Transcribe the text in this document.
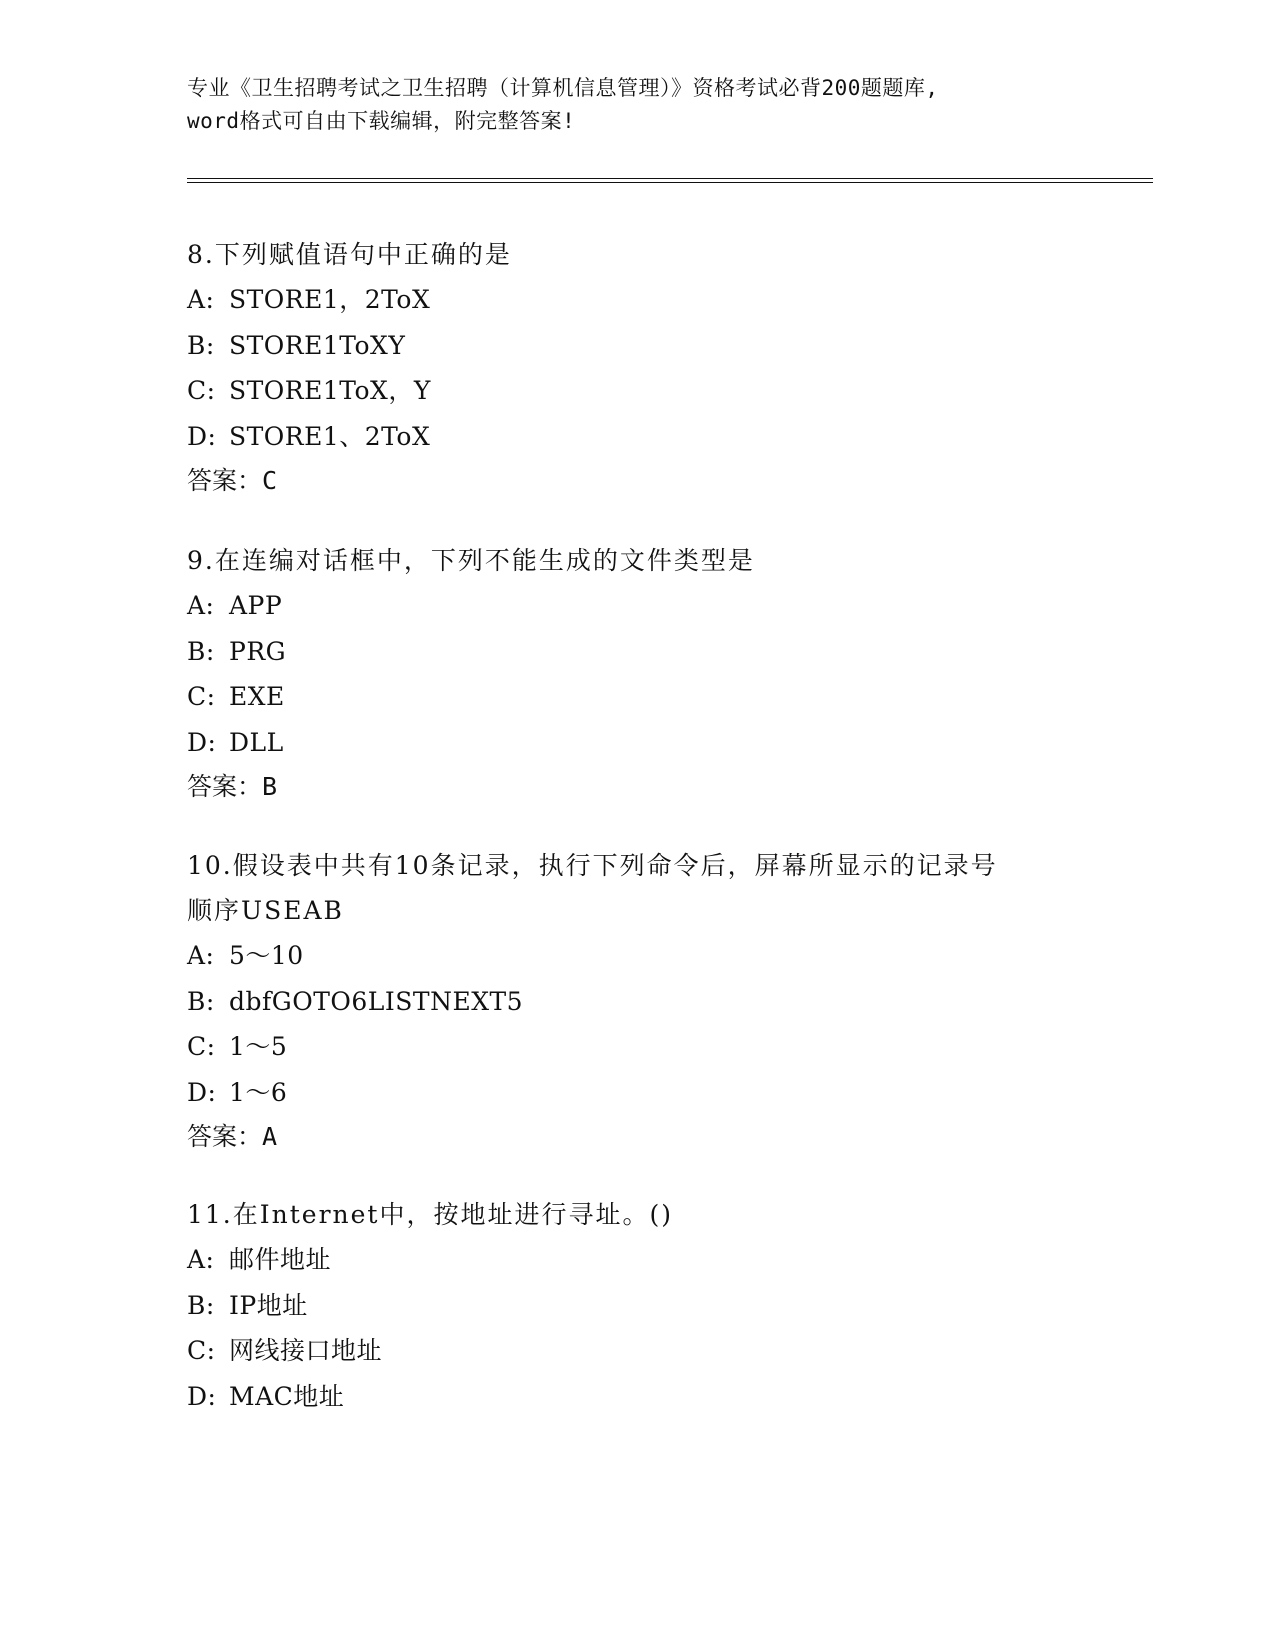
专业《卫生招聘考试之卫生招聘（计算机信息管理）》资格考试必背200题题库,
word格式可自由下载编辑，附完整答案!
8.下列赋值语句中正确的是
A: STORE1，2ToX
B: STORE1ToXY
C: STORE1ToX，Y
D: STORE1、2ToX
答案：C
9.在连编对话框中，下列不能生成的文件类型是
A: APP
B: PRG
C: EXE
D: DLL
答案：B
10.假设表中共有10条记录，执行下列命令后，屏幕所显示的记录号
顺序USEAB
A: 5～10
B: dbfGOTO6LISTNEXT5
C: 1～5
D: 1～6
答案：A
11.在Internet中，按地址进行寻址。()
A: 邮件地址
B: IP地址
C: 网线接口地址
D: MAC地址
